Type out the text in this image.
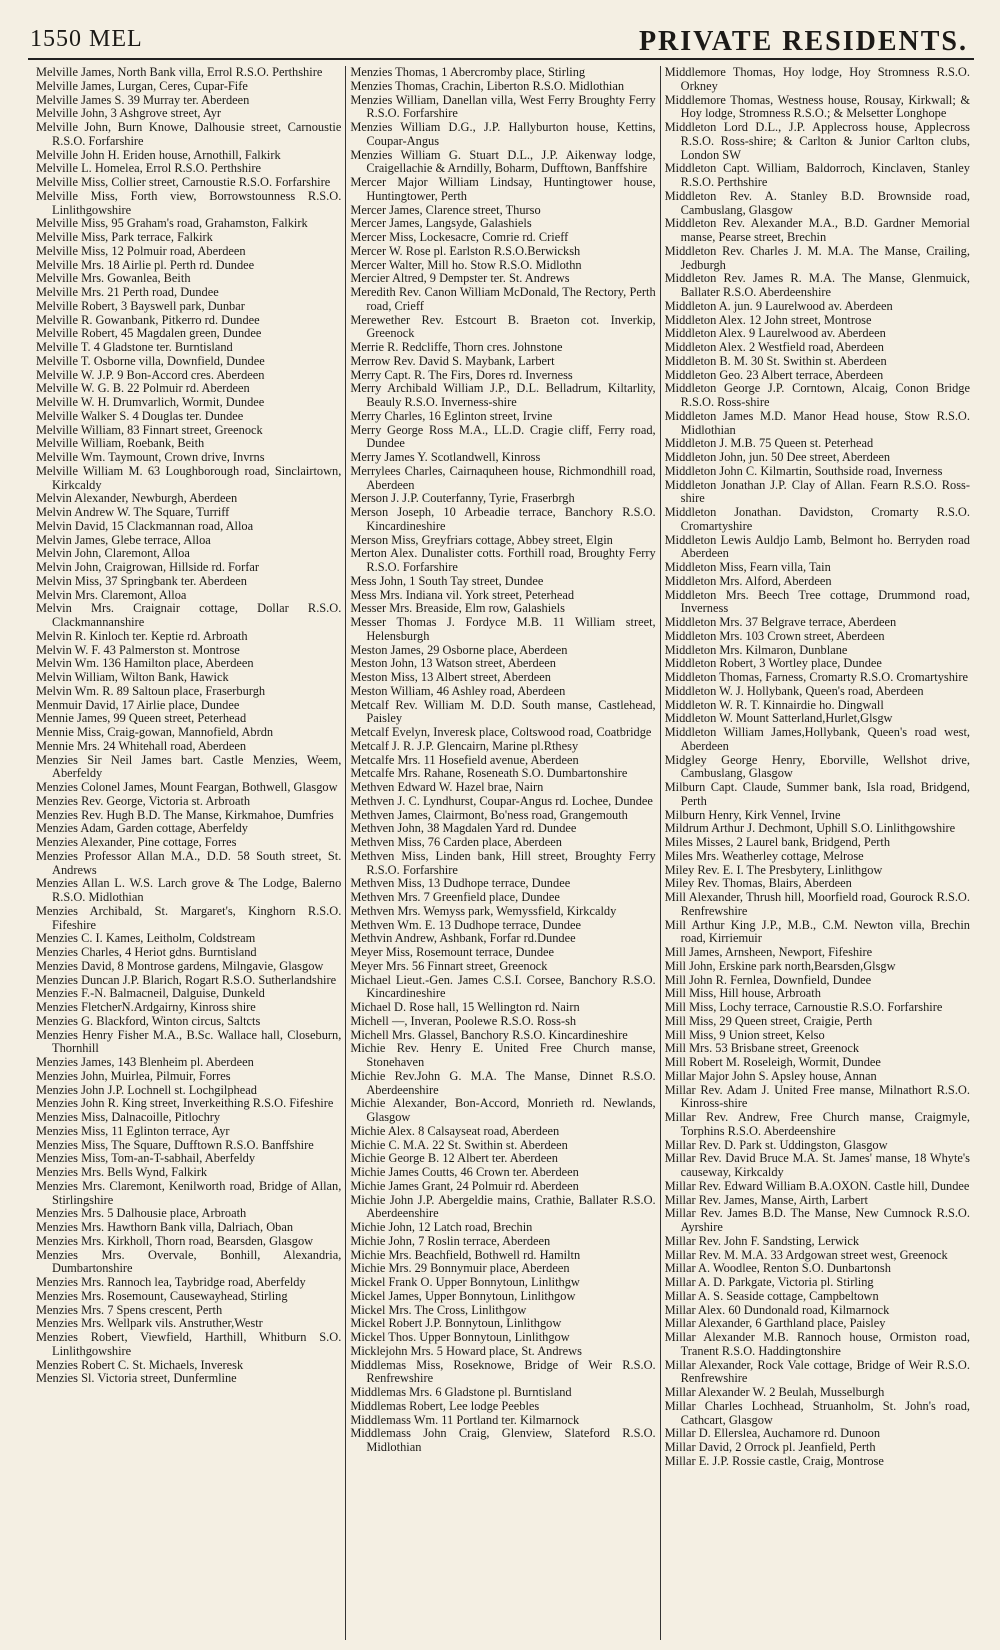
1550 MEL	PRIVATE RESIDENTS.
Melville James, North Bank villa, Errol R.S.O. Perthshire
Melville James, Lurgan, Ceres, Cupar-Fife
Melville James S. 39 Murray ter. Aberdeen
Melville John, 3 Ashgrove street, Ayr
Melville John, Burn Knowe, Dalhousie street, Carnoustie R.S.O. Forfarshire
Melville John H. Eriden house, Arnothill, Falkirk
Melville L. Homelea, Errol R.S.O. Perthshire
Melville Miss, Collier street, Carnoustie R.S.O. Forfarshire
Melville Miss, Forth view, Borrowstounness R.S.O. Linlithgowshire
Melville Miss, 95 Graham's road, Grahamston, Falkirk
Melville Miss, Park terrace, Falkirk
Melville Miss, 12 Polmuir road, Aberdeen
Melville Mrs. 18 Airlie pl. Perth rd. Dundee
Melville Mrs. Gowanlea, Beith
Melville Mrs. 21 Perth road, Dundee
Melville Robert, 3 Bayswell park, Dunbar
Melville R. Gowanbank, Pitkerro rd. Dundee
Melville Robert, 45 Magdalen green, Dundee
Melville T. 4 Gladstone ter. Burntisland
Melville T. Osborne villa, Downfield, Dundee
Melville W. J.P. 9 Bon-Accord cres. Aberdeen
Melville W. G. B. 22 Polmuir rd. Aberdeen
Melville W. H. Drumvarlich, Wormit, Dundee
Melville Walker S. 4 Douglas ter. Dundee
Melville William, 83 Finnart street, Greenock
Melville William, Roebank, Beith
Melville Wm. Taymount, Crown drive, Invrns
Melville William M. 63 Loughborough road, Sinclairtown, Kirkcaldy
Melvin Alexander, Newburgh, Aberdeen
Melvin Andrew W. The Square, Turriff
Melvin David, 15 Clackmannan road, Alloa
Melvin James, Glebe terrace, Alloa
Melvin John, Claremont, Alloa
Melvin John, Craigrowan, Hillside rd. Forfar
Melvin Miss, 37 Springbank ter. Aberdeen
Melvin Mrs. Claremont, Alloa
Melvin Mrs. Craignair cottage, Dollar R.S.O. Clackmannanshire
Melvin R. Kinloch ter. Keptie rd. Arbroath
Melvin W. F. 43 Palmerston st. Montrose
Melvin Wm. 136 Hamilton place, Aberdeen
Melvin William, Wilton Bank, Hawick
Melvin Wm. R. 89 Saltoun place, Fraserburgh
Menmuir David, 17 Airlie place, Dundee
Mennie James, 99 Queen street, Peterhead
Mennie Miss, Craig-gowan, Mannofield, Abrdn
Mennie Mrs. 24 Whitehall road, Aberdeen
Menzies Sir Neil James bart. Castle Menzies, Weem, Aberfeldy
Menzies Colonel James, Mount Feargan, Bothwell, Glasgow
Menzies Rev. George, Victoria st. Arbroath
Menzies Rev. Hugh B.D. The Manse, Kirkmahoe, Dumfries
Menzies Adam, Garden cottage, Aberfeldy
Menzies Alexander, Pine cottage, Forres
Menzies Professor Allan M.A., D.D. 58 South street, St. Andrews
Menzies Allan L. W.S. Larch grove & The Lodge, Balerno R.S.O. Midlothian
Menzies Archibald, St. Margaret's, Kinghorn R.S.O. Fifeshire
Menzies C. I. Kames, Leitholm, Coldstream
Menzies Charles, 4 Heriot gdns. Burntisland
Menzies David, 8 Montrose gardens, Milngavie, Glasgow
Menzies Duncan J.P. Blarich, Rogart R.S.O. Sutherlandshire
Menzies F.-N. Balmacneil, Dalguise, Dunkeld
Menzies FletcherN.Ardgairny, Kinross shire
Menzies G. Blackford, Winton circus, Saltcts
Menzies Henry Fisher M.A., B.Sc. Wallace hall, Closeburn, Thornhill
Menzies James, 143 Blenheim pl. Aberdeen
Menzies John, Muirlea, Pilmuir, Forres
Menzies John J.P. Lochnell st. Lochgilphead
Menzies John R. King street, Inverkeithing R.S.O. Fifeshire
Menzies Miss, Dalnacoille, Pitlochry
Menzies Miss, 11 Eglinton terrace, Ayr
Menzies Miss, The Square, Dufftown R.S.O. Banffshire
Menzies Miss, Tom-an-T-sabhail, Aberfeldy
Menzies Mrs. Bells Wynd, Falkirk
Menzies Mrs. Claremont, Kenilworth road, Bridge of Allan, Stirlingshire
Menzies Mrs. 5 Dalhousie place, Arbroath
Menzies Mrs. Hawthorn Bank villa, Dalriach, Oban
Menzies Mrs. Kirkholl, Thorn road, Bearsden, Glasgow
Menzies Mrs. Overvale, Bonhill, Alexandria, Dumbartonshire
Menzies Mrs. Rannoch lea, Taybridge road, Aberfeldy
Menzies Mrs. Rosemount, Causewayhead, Stirling
Menzies Mrs. 7 Spens crescent, Perth
Menzies Mrs. Wellpark vils. Anstruther,Westr
Menzies Robert, Viewfield, Harthill, Whitburn S.O. Linlithgowshire
Menzies Robert C. St. Michaels, Inveresk
Menzies Sl. Victoria street, Dunfermline
Menzies Thomas, 1 Abercromby place, Stirling
Menzies Thomas, Crachin, Liberton R.S.O. Midlothian
Menzies William, Danellan villa, West Ferry Broughty Ferry R.S.O. Forfarshire
Menzies William D.G., J.P. Hallyburton house, Kettins, Coupar-Angus
Menzies William G. Stuart D.L., J.P. Aikenway lodge, Craigellachie & Arndilly, Boharm, Dufftown, Banffshire
Mercer Major William Lindsay, Huntingtower house, Huntingtower, Perth
Mercer James, Clarence street, Thurso
Mercer James, Langsyde, Galashiels
Mercer Miss, Lockesacre, Comrie rd. Crieff
Mercer W. Rose pl. Earlston R.S.O.Berwicksh
Mercer Walter, Mill ho. Stow R.S.O. Midlothn
Mercier Altred, 9 Dempster ter. St. Andrews
Meredith Rev. Canon William McDonald, The Rectory, Perth road, Crieff
Merewether Rev. Estcourt B. Braeton cot. Inverkip, Greenock
Merrie R. Redcliffe, Thorn cres. Johnstone
Merrow Rev. David S. Maybank, Larbert
Merry Capt. R. The Firs, Dores rd. Inverness
Merry Archibald William J.P., D.L. Belladrum, Kiltarlity, Beauly R.S.O. Inverness-shire
Merry Charles, 16 Eglinton street, Irvine
Merry George Ross M.A., LL.D. Cragie cliff, Ferry road, Dundee
Merry James Y. Scotlandwell, Kinross
Merrylees Charles, Cairnaquheen house, Richmondhill road, Aberdeen
Merson J. J.P. Couterfanny, Tyrie, Fraserbrgh
Merson Joseph, 10 Arbeadie terrace, Banchory R.S.O. Kincardineshire
Merson Miss, Greyfriars cottage, Abbey street, Elgin
Merton Alex. Dunalister cotts. Forthill road, Broughty Ferry R.S.O. Forfarshire
Mess John, 1 South Tay street, Dundee
Mess Mrs. Indiana vil. York street, Peterhead
Messer Mrs. Breaside, Elm row, Galashiels
Messer Thomas J. Fordyce M.B. 11 William street, Helensburgh
Meston James, 29 Osborne place, Aberdeen
Meston John, 13 Watson street, Aberdeen
Meston Miss, 13 Albert street, Aberdeen
Meston William, 46 Ashley road, Aberdeen
Metcalf Rev. William M. D.D. South manse, Castlehead, Paisley
Metcalf Evelyn, Inveresk place, Coltswood road, Coatbridge
Metcalf J. R. J.P. Glencairn, Marine pl.Rthesy
Metcalfe Mrs. 11 Hosefield avenue, Aberdeen
Metcalfe Mrs. Rahane, Roseneath S.O. Dumbartonshire
Methven Edward W. Hazel brae, Nairn
Methven J. C. Lyndhurst, Coupar-Angus rd. Lochee, Dundee
Methven James, Clairmont, Bo'ness road, Grangemouth
Methven John, 38 Magdalen Yard rd. Dundee
Methven Miss, 76 Carden place, Aberdeen
Methven Miss, Linden bank, Hill street, Broughty Ferry R.S.O. Forfarshire
Methven Miss, 13 Dudhope terrace, Dundee
Methven Mrs. 7 Greenfield place, Dundee
Methven Mrs. Wemyss park, Wemyssfield, Kirkcaldy
Methven Wm. E. 13 Dudhope terrace, Dundee
Methvin Andrew, Ashbank, Forfar rd.Dundee
Meyer Miss, Rosemount terrace, Dundee
Meyer Mrs. 56 Finnart street, Greenock
Michael Lieut.-Gen. James C.S.I. Corsee, Banchory R.S.O. Kincardineshire
Michael D. Rose hall, 15 Wellington rd. Nairn
Michell —, Inveran, Poolewe R.S.O. Ross-sh
Michell Mrs. Glassel, Banchory R.S.O. Kincardineshire
Michie Rev. Henry E. United Free Church manse, Stonehaven
Michie Rev.John G. M.A. The Manse, Dinnet R.S.O. Aberdeenshire
Michie Alexander, Bon-Accord, Monrieth rd. Newlands, Glasgow
Michie Alex. 8 Calsayseat road, Aberdeen
Michie C. M.A. 22 St. Swithin st. Aberdeen
Michie George B. 12 Albert ter. Aberdeen
Michie James Coutts, 46 Crown ter. Aberdeen
Michie James Grant, 24 Polmuir rd. Aberdeen
Michie John J.P. Abergeldie mains, Crathie, Ballater R.S.O. Aberdeenshire
Michie John, 12 Latch road, Brechin
Michie John, 7 Roslin terrace, Aberdeen
Michie Mrs. Beachfield, Bothwell rd. Hamiltn
Michie Mrs. 29 Bonnymuir place, Aberdeen
Mickel Frank O. Upper Bonnytoun, Linlithgw
Mickel James, Upper Bonnytoun, Linlithgow
Mickel Mrs. The Cross, Linlithgow
Mickel Robert J.P. Bonnytoun, Linlithgow
Mickel Thos. Upper Bonnytoun, Linlithgow
Micklejohn Mrs. 5 Howard place, St. Andrews
Middlemas Miss, Roseknowe, Bridge of Weir R.S.O. Renfrewshire
Middlemas Mrs. 6 Gladstone pl. Burntisland
Middlemas Robert, Lee lodge Peebles
Middlemass Wm. 11 Portland ter. Kilmarnock
Middlemass John Craig, Glenview, Slateford R.S.O. Midlothian
Middlemore Thomas, Hoy lodge, Hoy Stromness R.S.O. Orkney
Middlemore Thomas, Westness house, Rousay, Kirkwall; & Hoy lodge, Stromness R.S.O.; & Melsetter Longhope
Middleton Lord D.L., J.P. Applecross house, Applecross R.S.O. Ross-shire; & Carlton & Junior Carlton clubs, London SW
Middleton Capt. William, Baldorroch, Kinclaven, Stanley R.S.O. Perthshire
Middleton Rev. A. Stanley B.D. Brownside road, Cambuslang, Glasgow
Middleton Rev. Alexander M.A., B.D. Gardner Memorial manse, Pearse street, Brechin
Middleton Rev. Charles J. M. M.A. The Manse, Crailing, Jedburgh
Middleton Rev. James R. M.A. The Manse, Glenmuick, Ballater R.S.O. Aberdeenshire
Middleton A. jun. 9 Laurelwood av. Aberdeen
Middleton Alex. 12 John street, Montrose
Middleton Alex. 9 Laurelwood av. Aberdeen
Middleton Alex. 2 Westfield road, Aberdeen
Middleton B. M. 30 St. Swithin st. Aberdeen
Middleton Geo. 23 Albert terrace, Aberdeen
Middleton George J.P. Corntown, Alcaig, Conon Bridge R.S.O. Ross-shire
Middleton James M.D. Manor Head house, Stow R.S.O. Midlothian
Middleton J. M.B. 75 Queen st. Peterhead
Middleton John, jun. 50 Dee street, Aberdeen
Middleton John C. Kilmartin, Southside road, Inverness
Middleton Jonathan J.P. Clay of Allan. Fearn R.S.O. Ross-shire
Middleton Jonathan. Davidston, Cromarty R.S.O. Cromartyshire
Middleton Lewis Auldjo Lamb, Belmont ho. Berryden road Aberdeen
Middleton Miss, Fearn villa, Tain
Middleton Mrs. Alford, Aberdeen
Middleton Mrs. Beech Tree cottage, Drummond road, Inverness
Middleton Mrs. 37 Belgrave terrace, Aberdeen
Middleton Mrs. 103 Crown street, Aberdeen
Middleton Mrs. Kilmaron, Dunblane
Middleton Robert, 3 Wortley place, Dundee
Middleton Thomas, Farness, Cromarty R.S.O. Cromartyshire
Middleton W. J. Hollybank, Queen's road, Aberdeen
Middleton W. R. T. Kinnairdie ho. Dingwall
Middleton W. Mount Satterland,Hurlet,Glsgw
Middleton William James,Hollybank, Queen's road west, Aberdeen
Midgley George Henry, Eborville, Wellshot drive, Cambuslang, Glasgow
Milburn Capt. Claude, Summer bank, Isla road, Bridgend, Perth
Milburn Henry, Kirk Vennel, Irvine
Mildrum Arthur J. Dechmont, Uphill S.O. Linlithgowshire
Miles Misses, 2 Laurel bank, Bridgend, Perth
Miles Mrs. Weatherley cottage, Melrose
Miley Rev. E. I. The Presbytery, Linlithgow
Miley Rev. Thomas, Blairs, Aberdeen
Mill Alexander, Thrush hill, Moorfield road, Gourock R.S.O. Renfrewshire
Mill Arthur King J.P., M.B., C.M. Newton villa, Brechin road, Kirriemuir
Mill James, Arnsheen, Newport, Fifeshire
Mill John, Erskine park north,Bearsden,Glsgw
Mill John R. Fernlea, Downfield, Dundee
Mill Miss, Hill house, Arbroath
Mill Miss, Lochy terrace, Carnoustie R.S.O. Forfarshire
Mill Miss, 29 Queen street, Craigie, Perth
Mill Miss, 9 Union street, Kelso
Mill Mrs. 53 Brisbane street, Greenock
Mill Robert M. Roseleigh, Wormit, Dundee
Millar Major John S. Apsley house, Annan
Millar Rev. Adam J. United Free manse, Milnathort R.S.O. Kinross-shire
Millar Rev. Andrew, Free Church manse, Craigmyle, Torphins R.S.O. Aberdeenshire
Millar Rev. D. Park st. Uddingston, Glasgow
Millar Rev. David Bruce M.A. St. James' manse, 18 Whyte's causeway, Kirkcaldy
Millar Rev. Edward William B.A.OXON. Castle hill, Dundee
Millar Rev. James, Manse, Airth, Larbert
Millar Rev. James B.D. The Manse, New Cumnock R.S.O. Ayrshire
Millar Rev. John F. Sandsting, Lerwick
Millar Rev. M. M.A. 33 Ardgowan street west, Greenock
Millar A. Woodlee, Renton S.O. Dunbartonsh
Millar A. D. Parkgate, Victoria pl. Stirling
Millar A. S. Seaside cottage, Campbeltown
Millar Alex. 60 Dundonald road, Kilmarnock
Millar Alexander, 6 Garthland place, Paisley
Millar Alexander M.B. Rannoch house, Ormiston road, Tranent R.S.O. Haddingtonshire
Millar Alexander, Rock Vale cottage, Bridge of Weir R.S.O. Renfrewshire
Millar Alexander W. 2 Beulah, Musselburgh
Millar Charles Lochhead, Struanholm, St. John's road, Cathcart, Glasgow
Millar D. Ellerslea, Auchamore rd. Dunoon
Millar David, 2 Orrock pl. Jeanfield, Perth
Millar E. J.P. Rossie castle, Craig, Montrose
